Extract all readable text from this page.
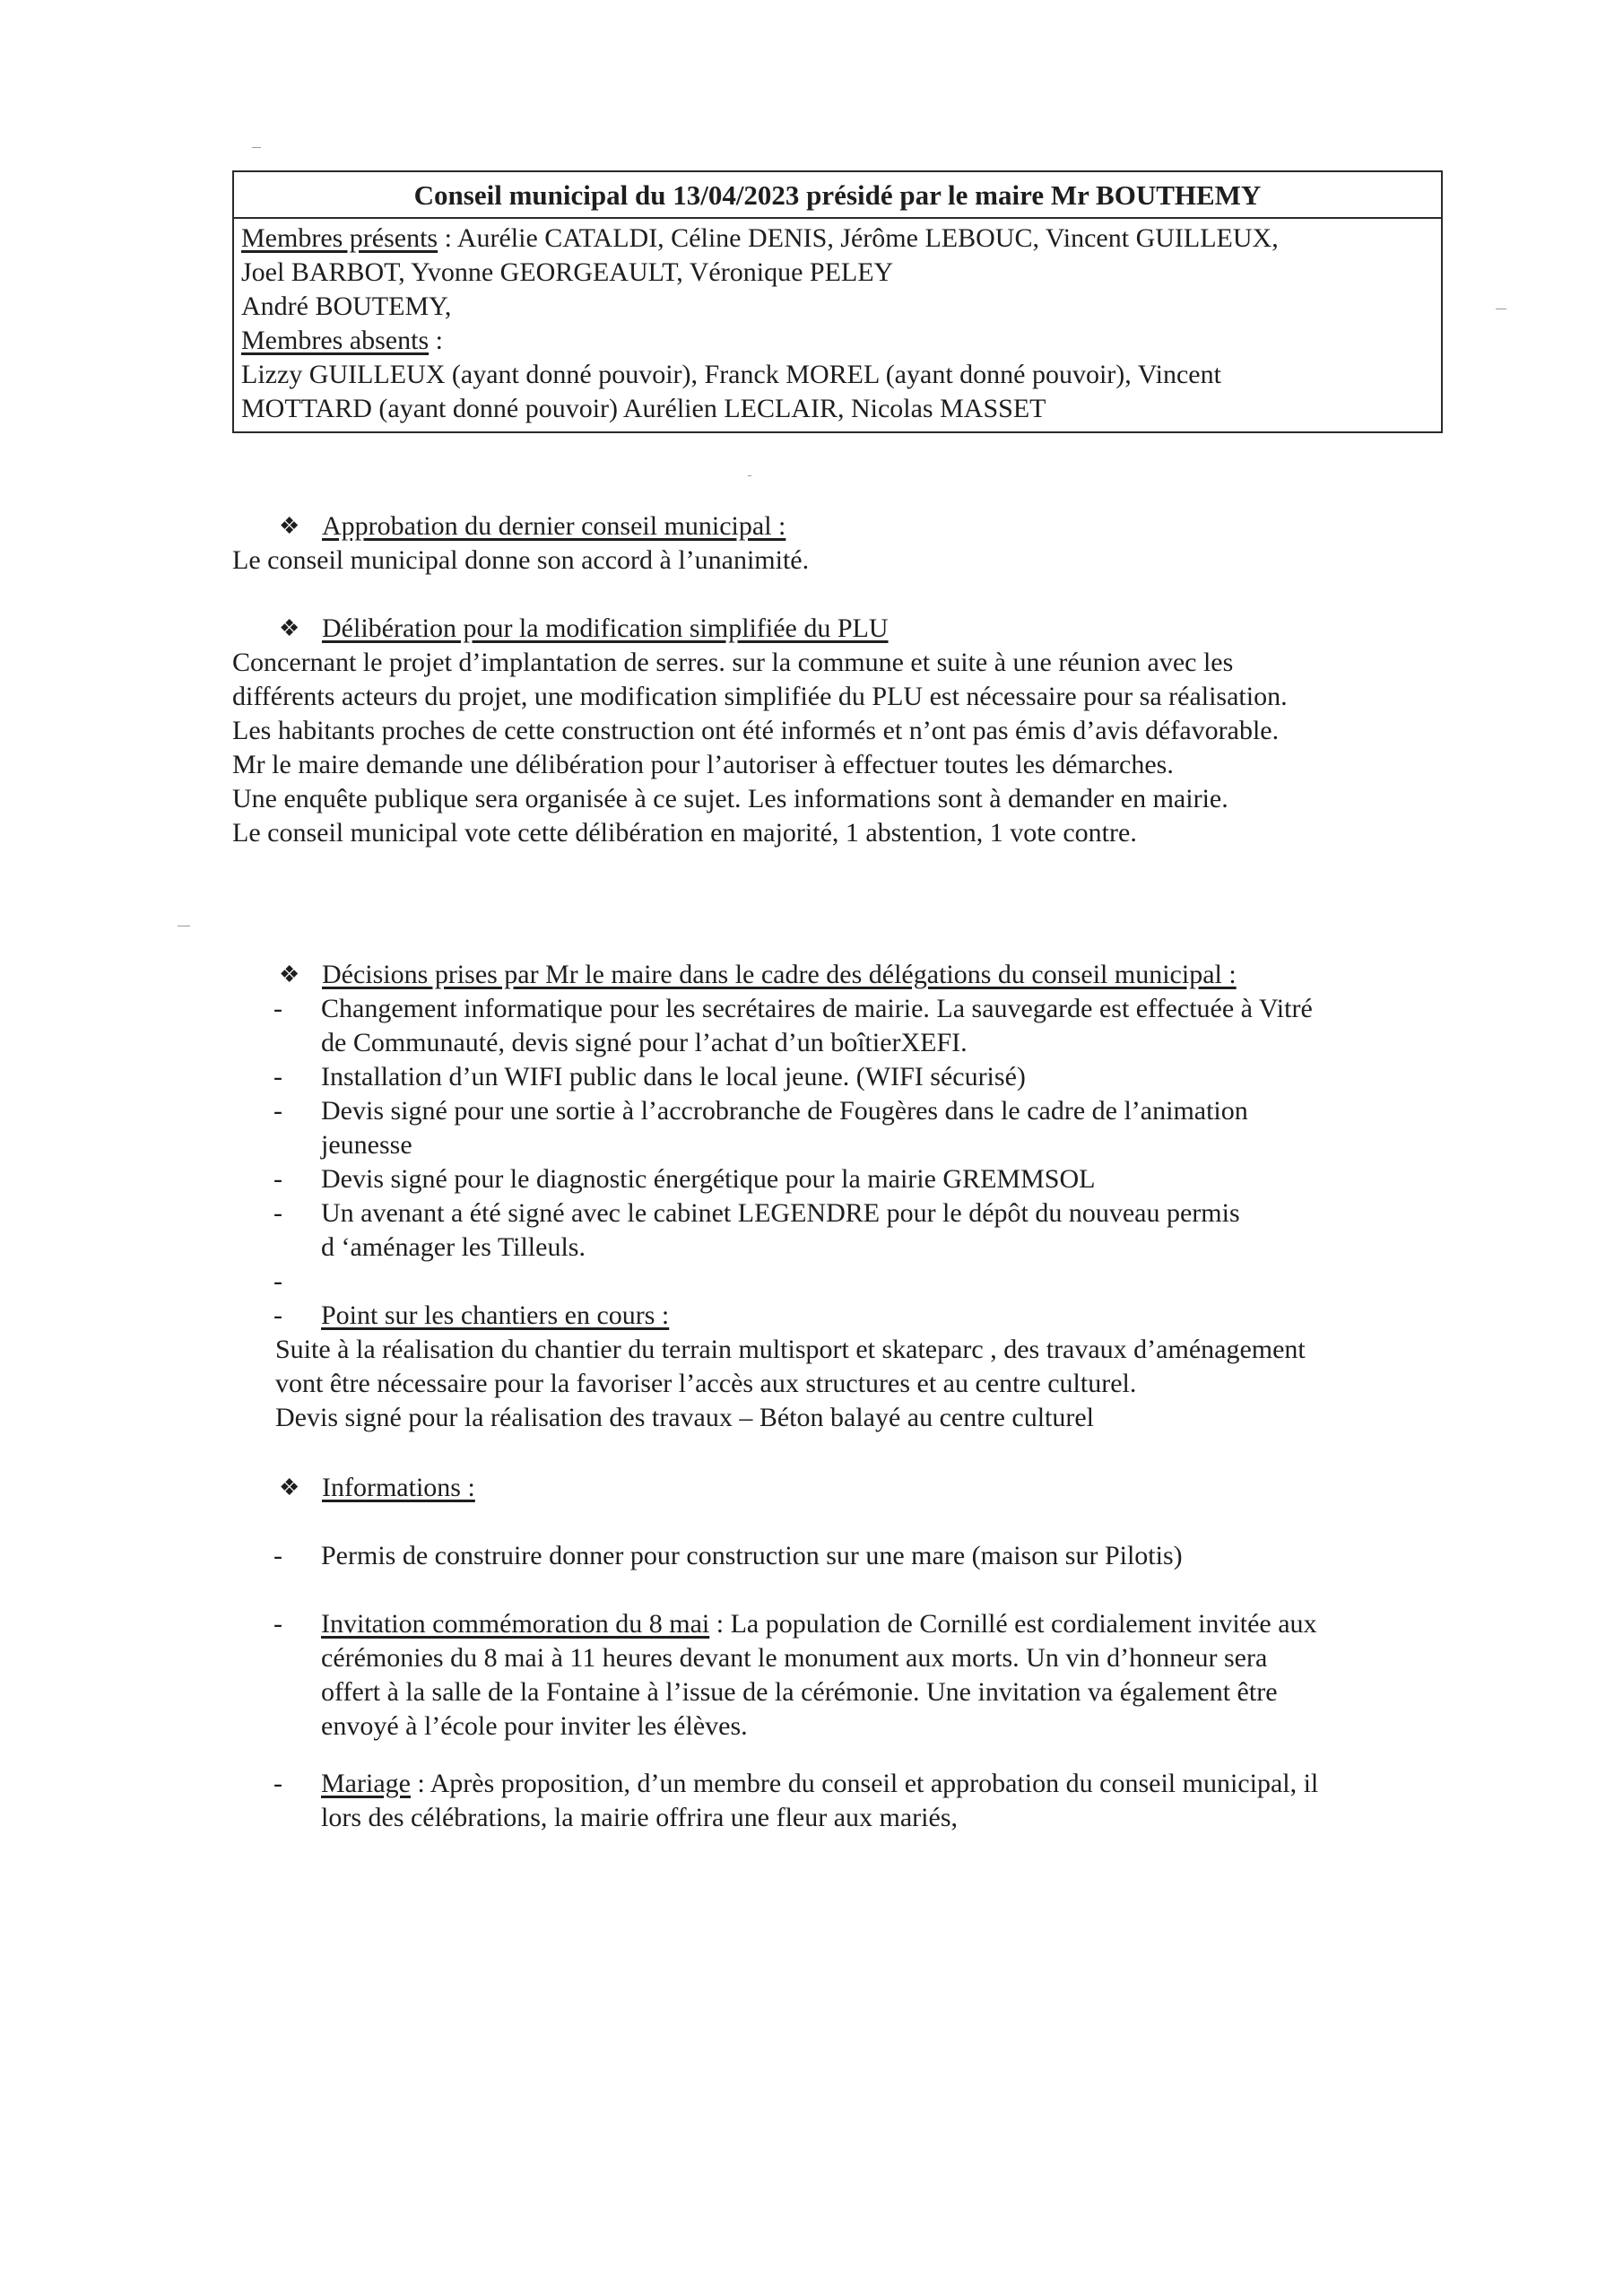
Conseil municipal du 13/04/2023 présidé par le maire Mr BOUTHEMY
Membres présents : Aurélie CATALDI, Céline DENIS, Jérôme LEBOUC, Vincent GUILLEUX,
Joel BARBOT, Yvonne GEORGEAULT, Véronique PELEY
André BOUTEMY,
Membres absents :
Lizzy GUILLEUX (ayant donné pouvoir), Franck MOREL (ayant donné pouvoir), Vincent
MOTTARD (ayant donné pouvoir) Aurélien LECLAIR, Nicolas MASSET
❖ Approbation du dernier conseil municipal :
Le conseil municipal donne son accord à l’unanimité.
❖ Délibération pour la modification simplifiée du PLU
Concernant le projet d’implantation de serres. sur la commune et suite à une réunion avec les
différents acteurs du projet, une modification simplifiée du PLU est nécessaire pour sa réalisation.
Les habitants proches de cette construction ont été informés et n’ont pas émis d’avis défavorable.
Mr le maire demande une délibération pour l’autoriser à effectuer toutes les démarches.
Une enquête publique sera organisée à ce sujet. Les informations sont à demander en mairie.
Le conseil municipal vote cette délibération en majorité, 1 abstention, 1 vote contre.
❖ Décisions prises par Mr le maire dans le cadre des délégations du conseil municipal :
- Changement informatique pour les secrétaires de mairie. La sauvegarde est effectuée à Vitré
de Communauté, devis signé pour l’achat d’un boîtierXEFI.
- Installation d’un WIFI public dans le local jeune. (WIFI sécurisé)
- Devis signé pour une sortie à l’accrobranche de Fougères dans le cadre de l’animation
jeunesse
- Devis signé pour le diagnostic énergétique pour la mairie GREMMSOL
- Un avenant a été signé avec le cabinet LEGENDRE pour le dépôt du nouveau permis
d ‘aménager les Tilleuls.
-

- Point sur les chantiers en cours :
Suite à la réalisation du chantier du terrain multisport et skateparc , des travaux d’aménagement
vont être nécessaire pour la favoriser l’accès aux structures et au centre culturel.
Devis signé pour la réalisation des travaux – Béton balayé au centre culturel
❖ Informations :
- Permis de construire donner pour construction sur une mare (maison sur Pilotis)
- Invitation commémoration du 8 mai : La population de Cornillé est cordialement invitée aux
cérémonies du 8 mai à 11 heures devant le monument aux morts. Un vin d’honneur sera
offert à la salle de la Fontaine à l’issue de la cérémonie. Une invitation va également être
envoyé à l’école pour inviter les élèves.
- Mariage : Après proposition, d’un membre du conseil et approbation du conseil municipal, il
lors des célébrations, la mairie offrira une fleur aux mariés,
